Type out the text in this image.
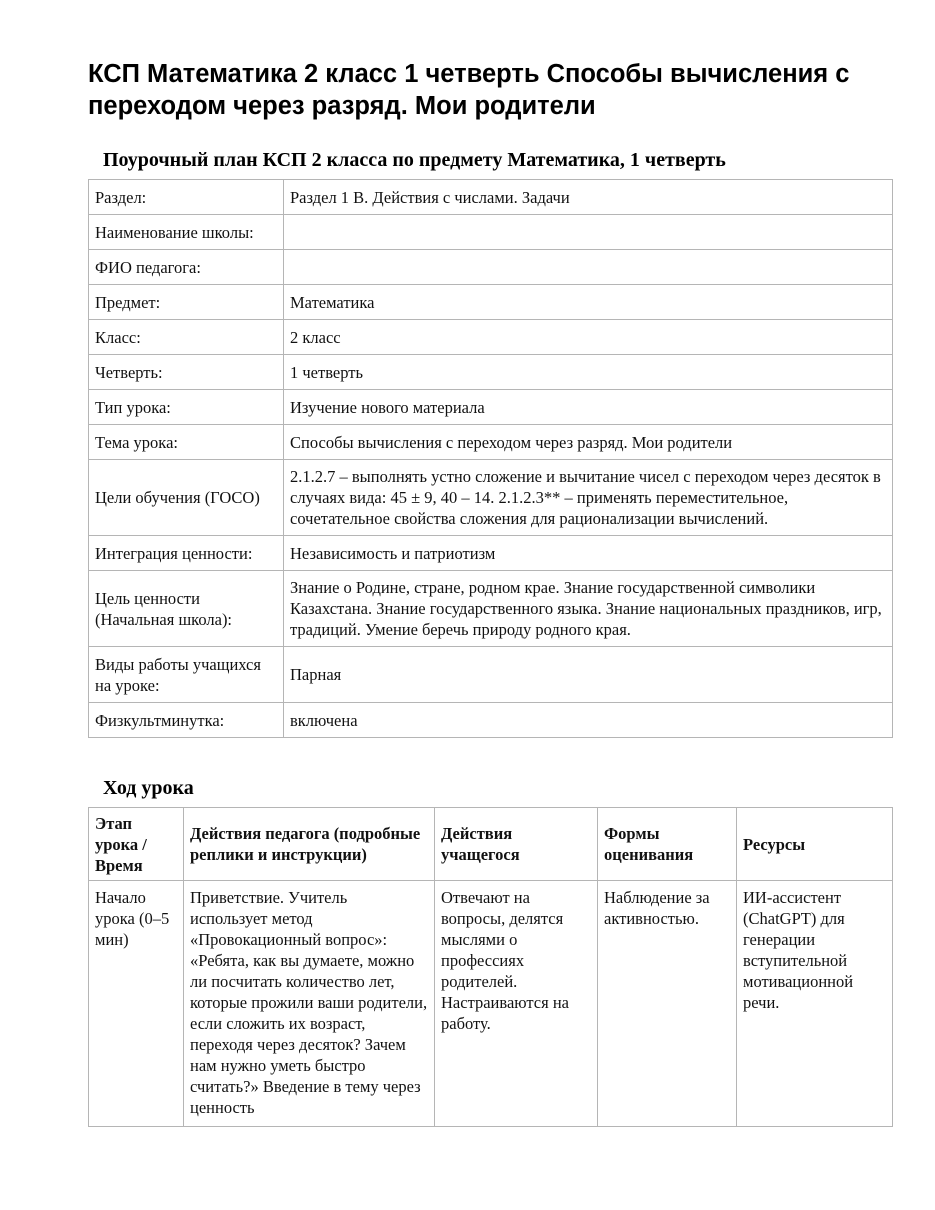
КСП Математика 2 класс 1 четверть Способы вычисления с переходом через разряд. Мои родители
Поурочный план КСП 2 класса по предмету Математика, 1 четверть
Раздел:	Раздел 1 B. Действия с числами. Задачи
Наименование школы:	
ФИО педагога:	
Предмет:	Математика
Класс:	2 класс
Четверть:	1 четверть
Тип урока:	Изучение нового материала
Тема урока:	Способы вычисления с переходом через разряд. Мои родители
Цели обучения (ГОСО)	2.1.2.7 – выполнять устно сложение и вычитание чисел с переходом через десяток в случаях вида: 45 ± 9, 40 – 14. 2.1.2.3** – применять переместительное, сочетательное свойства сложения для рационализации вычислений.
Интеграция ценности:	Независимость и патриотизм
Цель ценности (Начальная школа):	Знание о Родине, стране, родном крае. Знание государственной символики Казахстана. Знание государственного языка. Знание национальных праздников, игр, традиций. Умение беречь природу родного края.
Виды работы учащихся на уроке:	Парная
Физкультминутка:	включена
Ход урока
Этап урока / Время	Действия педагога (подробные реплики и инструкции)	Действия учащегося	Формы оценивания	Ресурсы
Начало урока (0–5 мин)	Приветствие. Учитель использует метод «Провокационный вопрос»: «Ребята, как вы думаете, можно ли посчитать количество лет, которые прожили ваши родители, если сложить их возраст, переходя через десяток? Зачем нам нужно уметь быстро считать?» Введение в тему через ценность	Отвечают на вопросы, делятся мыслями о профессиях родителей. Настраиваются на работу.	Наблюдение за активностью.	ИИ-ассистент (ChatGPT) для генерации вступительной мотивационной речи.
